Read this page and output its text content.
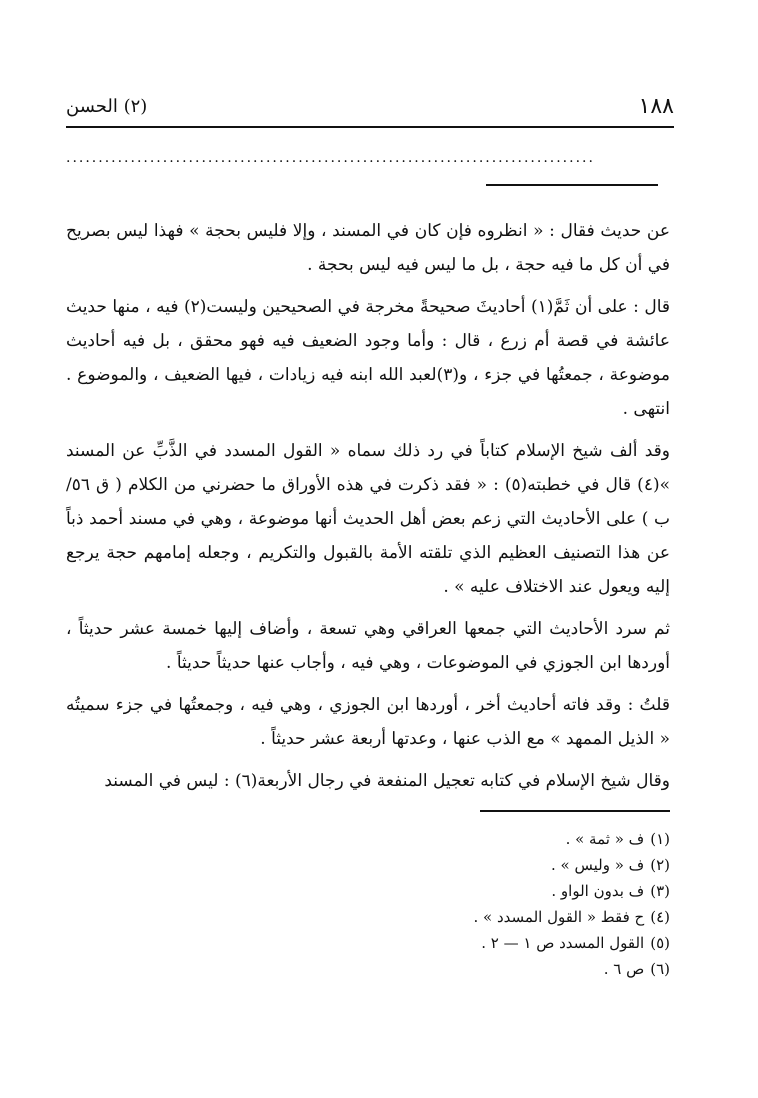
١٨٨
(٢) الحسن
..................................................................................

عن حديث فقال : « انظروه فإن كان في المسند ، وإلا فليس بحجة » فهذا ليس بصريح في أن كل ما فيه حجة ، بل ما ليس فيه ليس بحجة .

قال : على أن ثَمَّ(١) أحاديثَ صحيحةً مخرجة في الصحيحين وليست(٢) فيه ، منها حديث عائشة في قصة أم زرع ، قال : وأما وجود الضعيف فيه فهو محقق ، بل فيه أحاديث موضوعة ، جمعتُها في جزء ، و(٣)لعبد الله ابنه فيه زيادات ، فيها الضعيف ، والموضوع . انتهى .

وقد ألف شيخ الإسلام كتاباً في رد ذلك سماه « القول المسدد في الذَّبِّ عن المسند »(٤) قال في خطبته(٥) : « فقد ذكرت في هذه الأوراق ما حضرني من الكلام ( ق ٥٦/ب ) على الأحاديث التي زعم بعض أهل الحديث أنها موضوعة ، وهي في مسند أحمد ذباً عن هذا التصنيف العظيم الذي تلقته الأمة بالقبول والتكريم ، وجعله إمامهم حجة يرجع إليه ويعول عند الاختلاف عليه » .

ثم سرد الأحاديث التي جمعها العراقي وهي تسعة ، وأضاف إليها خمسة عشر حديثاً ، أوردها ابن الجوزي في الموضوعات ، وهي فيه ، وأجاب عنها حديثاً حديثاً .

قلتُ : وقد فاته أحاديث أخر ، أوردها ابن الجوزي ، وهي فيه ، وجمعتُها في جزء سميتُه « الذيل الممهد » مع الذب عنها ، وعدتها أربعة عشر حديثاً .

وقال شيخ الإسلام في كتابه تعجيل المنفعة في رجال الأربعة(٦) : ليس في المسند

(١)ف « ثمة » .
(٢)ف « وليس » .
(٣)ف بدون الواو .
(٤)ح فقط « القول المسدد » .
(٥)القول المسدد ص ١ — ٢ .
(٦)ص ٦ .
